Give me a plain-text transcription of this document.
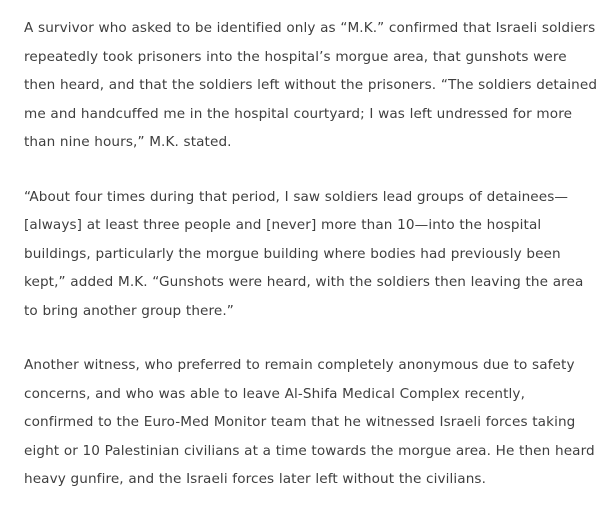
A survivor who asked to be identified only as “M.K.” confirmed that Israeli soldiers repeatedly took prisoners into the hospital’s morgue area, that gunshots were then heard, and that the soldiers left without the prisoners. “The soldiers detained me and handcuffed me in the hospital courtyard; I was left undressed for more than nine hours,” M.K. stated.

“About four times during that period, I saw soldiers lead groups of detainees—[always] at least three people and [never] more than 10—into the hospital buildings, particularly the morgue building where bodies had previously been kept,” added M.K. “Gunshots were heard, with the soldiers then leaving the area to bring another group there.”

Another witness, who preferred to remain completely anonymous due to safety concerns, and who was able to leave Al-Shifa Medical Complex recently, confirmed to the Euro-Med Monitor team that he witnessed Israeli forces taking eight or 10 Palestinian civilians at a time towards the morgue area. He then heard heavy gunfire, and the Israeli forces later left without the civilians.
